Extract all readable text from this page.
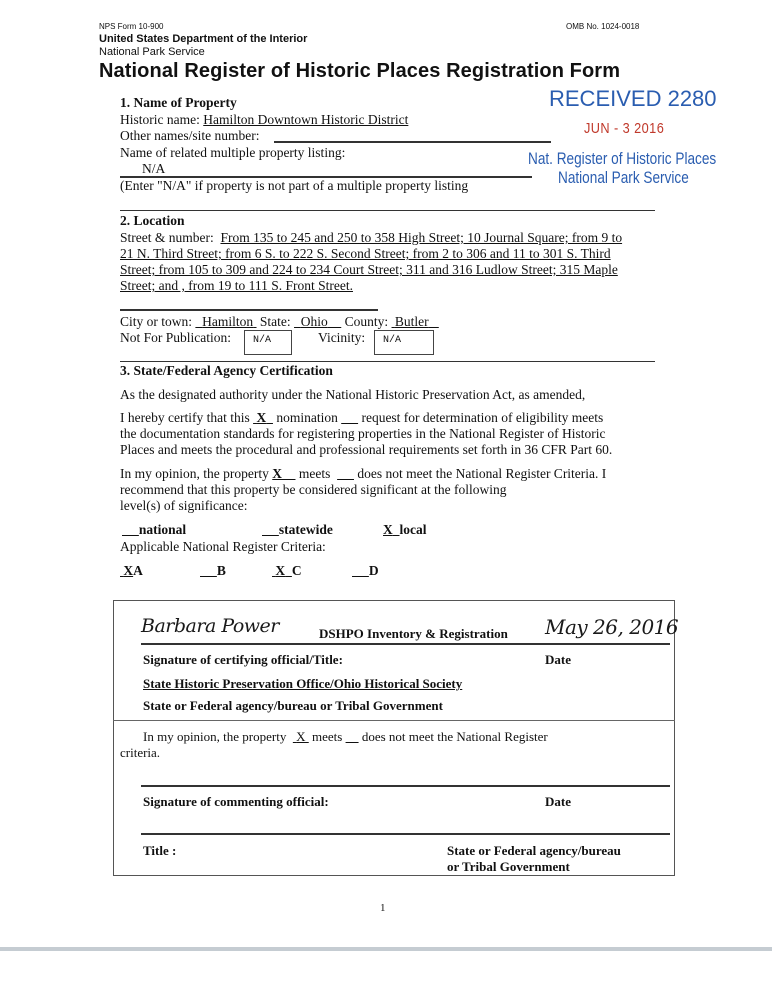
NPS Form 10-900	OMB No. 1024-0018
United States Department of the Interior
National Park Service
National Register of Historic Places Registration Form
RECEIVED 2280
JUN - 3 2016
Nat. Register of Historic Places
National Park Service
1. Name of Property
Historic name: Hamilton Downtown Historic District
Other names/site number:
Name of related multiple property listing:
N/A
(Enter "N/A" if property is not part of a multiple property listing
2. Location
Street & number: From 135 to 245 and 250 to 358 High Street; 10 Journal Square; from 9 to
21 N. Third Street; from 6 S. to 222 S. Second Street; from 2 to 306 and 11 to 301 S. Third
Street; from 105 to 309 and 224 to 234 Court Street; 311 and 316 Ludlow Street; 315 Maple
Street; and , from 19 to 111 S. Front Street.
City or town: Hamilton State: Ohio County: Butler
Not For Publication:	N/A	Vicinity:	N/A
3. State/Federal Agency Certification
As the designated authority under the National Historic Preservation Act, as amended,
I hereby certify that this X nomination request for determination of eligibility meets
the documentation standards for registering properties in the National Register of Historic
Places and meets the procedural and professional requirements set forth in 36 CFR Part 60.
In my opinion, the property X meets does not meet the National Register Criteria. I
recommend that this property be considered significant at the following
level(s) of significance:
national	statewide	X local
Applicable National Register Criteria:
XA	B	X C	D
Barbara Power	DSHPO Inventory & Registration May 26, 2016
Signature of certifying official/Title:	Date
State Historic Preservation Office/Ohio Historical Society
State or Federal agency/bureau or Tribal Government
In my opinion, the property X meets does not meet the National Register
criteria.
Signature of commenting official:	Date
Title :	State or Federal agency/bureau
or Tribal Government
1
